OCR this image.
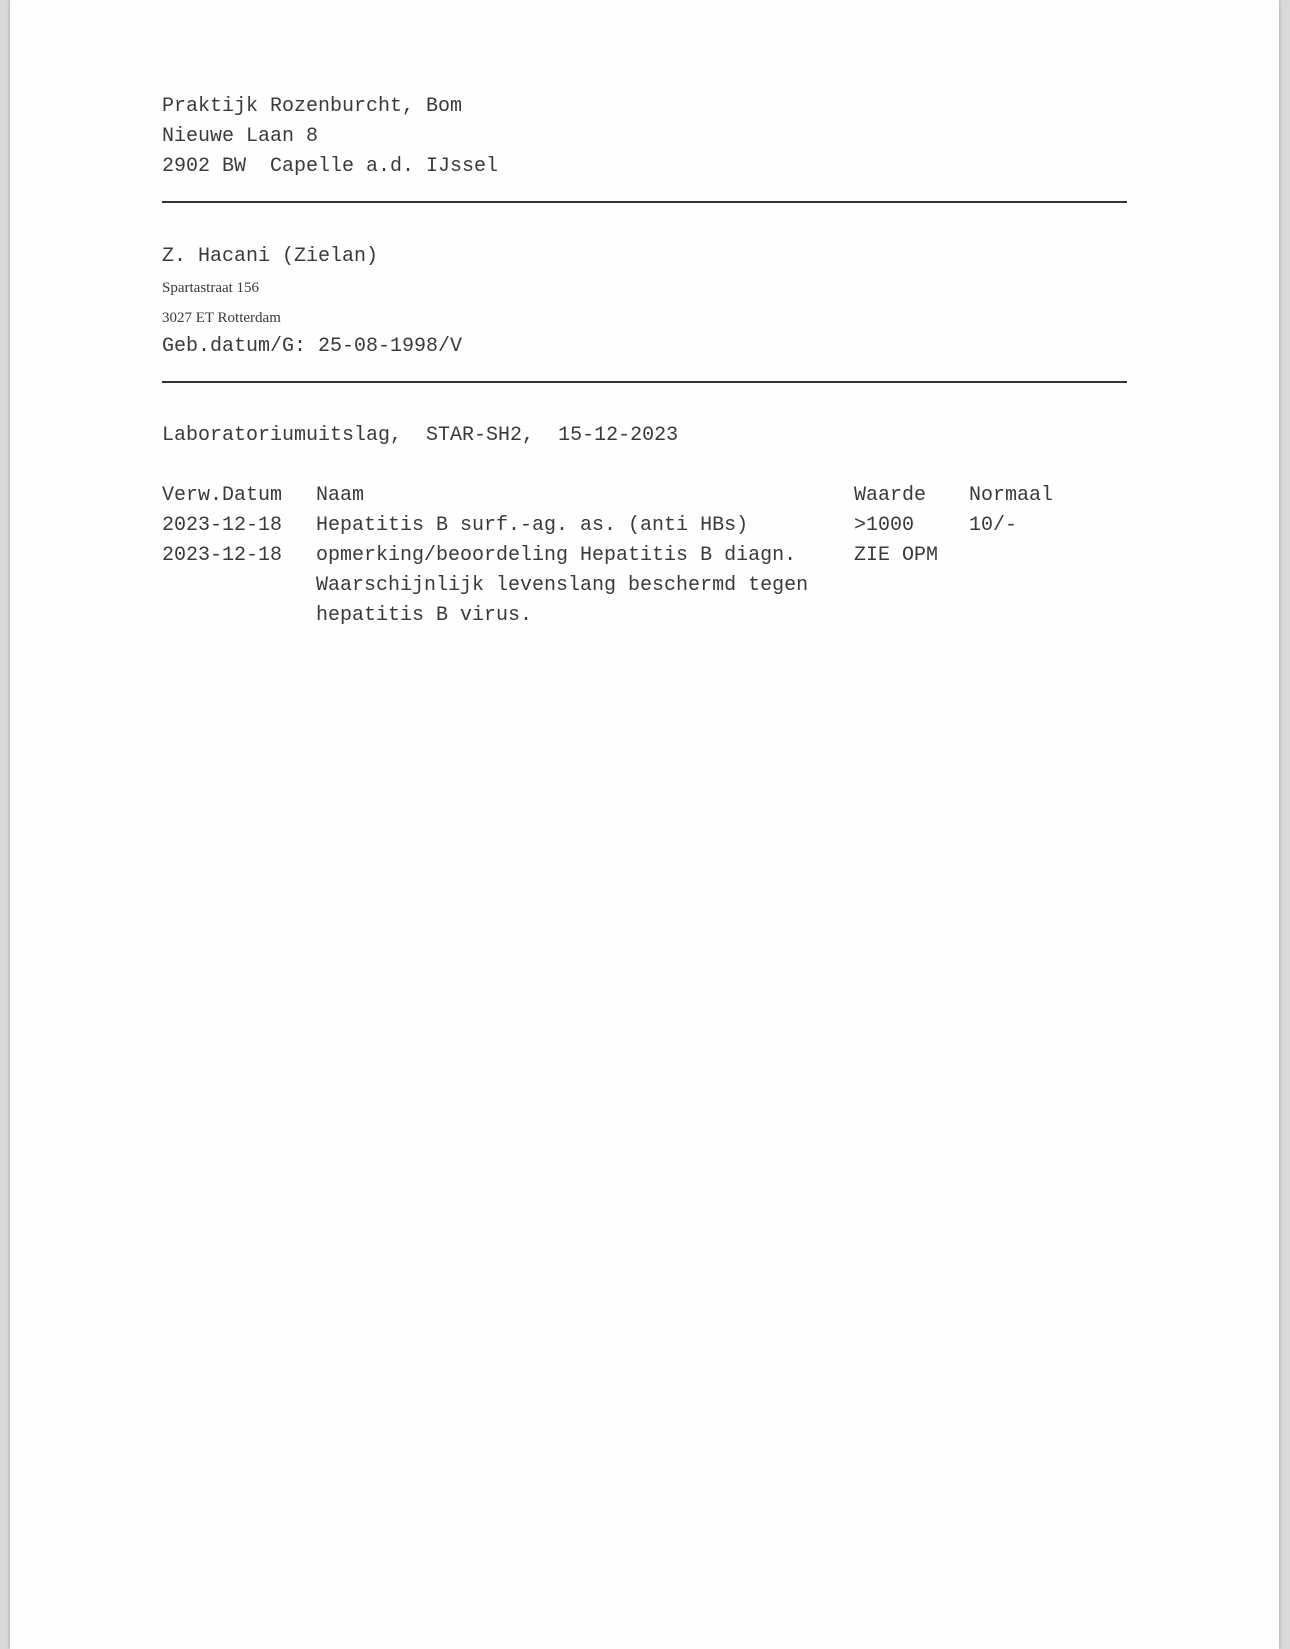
Praktijk Rozenburcht, Bom
Nieuwe Laan 8
2902 BW  Capelle a.d. IJssel
Z. Hacani (Zielan)
Spartastraat 156
3027 ET Rotterdam
Geb.datum/G: 25-08-1998/V
Laboratoriumuitslag,  STAR-SH2,  15-12-2023
Verw.Datum Naam	Waarde Normaal
2023-12-18 Hepatitis B surf.-ag. as. (anti HBs)	>1000	10/-
2023-12-18 opmerking/beoordeling Hepatitis B diagn.	ZIE OPM
Waarschijnlijk levenslang beschermd tegen
hepatitis B virus.
